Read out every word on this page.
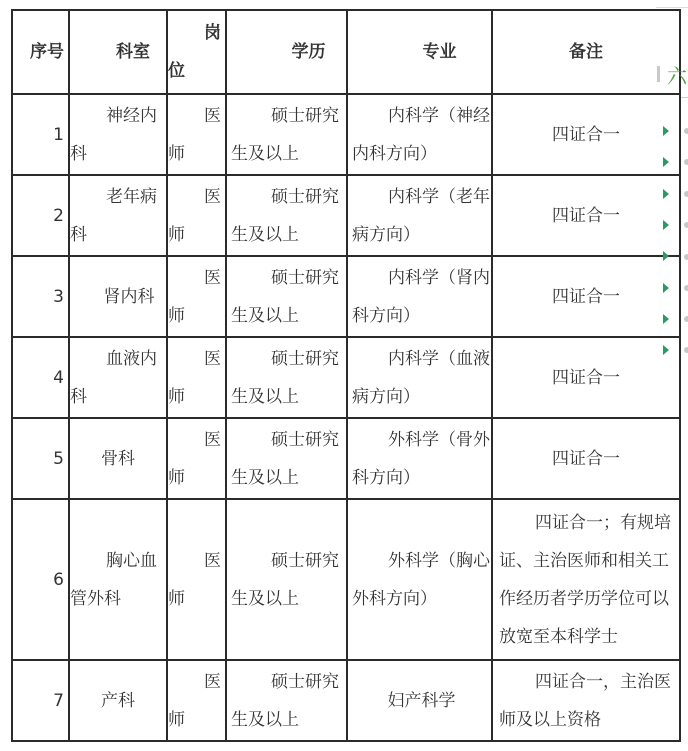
序号	科室	岗位	学历	专业	备注
1	神经内科	医师	硕士研究生及以上	内科学（神经内科方向）	四证合一
2	老年病科	医师	硕士研究生及以上	内科学（老年病方向）	四证合一
3	肾内科	医师	硕士研究生及以上	内科学（肾内科方向）	四证合一
4	血液内科	医师	硕士研究生及以上	内科学（血液病方向）	四证合一
5	骨科	医师	硕士研究生及以上	外科学（骨外科方向）	四证合一
6	胸心血管外科	医师	硕士研究生及以上	外科学（胸心外科方向）	四证合一；有规培证、主治医师和相关工作经历者学历学位可以放宽至本科学士
7	产科	医师	硕士研究生及以上	妇产科学	四证合一，主治医师及以上资格
六
